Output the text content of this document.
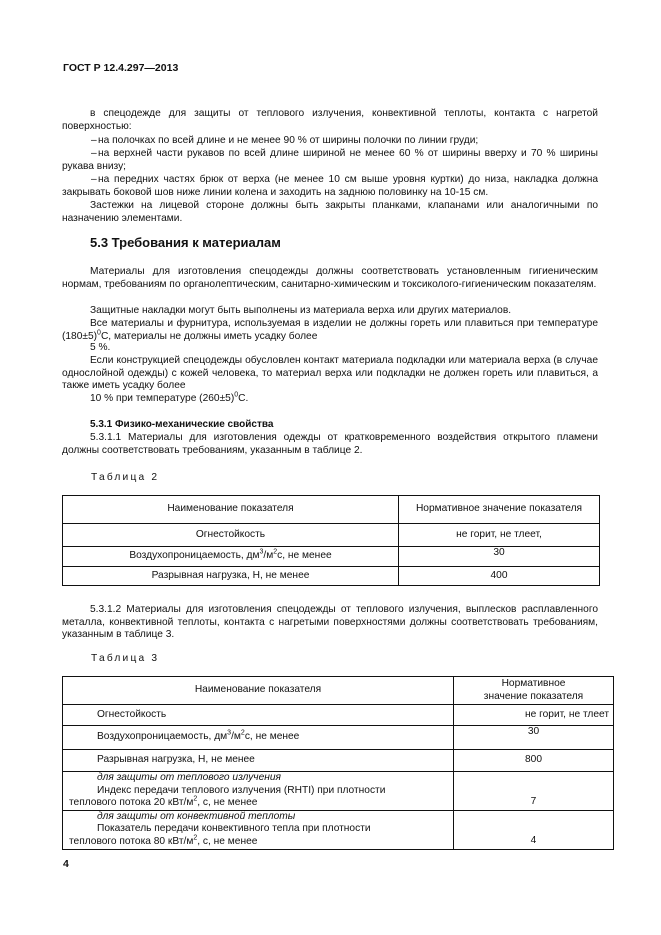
ГОСТ Р 12.4.297—2013
в спецодежде для защиты от теплового излучения, конвективной теплоты, контакта с нагретой поверхностью:
– на полочках по всей длине и не менее 90 % от ширины полочки по линии груди;
– на верхней части рукавов по всей длине шириной не менее 60 % от ширины вверху и 70 % ширины рукава внизу;
– на передних частях брюк от верха (не менее 10 см выше уровня куртки) до низа, накладка должна закрывать боковой шов ниже линии колена и заходить на заднюю половинку на 10-15 см.
Застежки на лицевой стороне должны быть закрыты планками, клапанами или аналогичными по назначению элементами.
5.3 Требования к материалам
Материалы для изготовления спецодежды должны соответствовать установленным гигиеническим нормам, требованиям по органолептическим, санитарно-химическим и токсиколого-гигиеническим показателям.
Защитные накладки могут быть выполнены из материала верха или других материалов.
Все материалы и фурнитура, используемая в изделии не должны гореть или плавиться при температуре $(180\pm 5)^0С$, материалы не должны иметь усадку более
5 %.
Если конструкцией спецодежды обусловлен контакт материала подкладки или материала верха (в случае однослойной одежды) с кожей человека, то материал верха или подкладки не должен гореть или плавиться, а также иметь усадку более
10 % при температуре $(260\pm 5)^0С$.
5.3.1 Физико-механические свойства
5.3.1.1 Материалы для изготовления одежды от кратковременного воздействия открытого пламени должны соответствовать требованиям, указанным в таблице 2.
Таблица 2
Наименование показателя	Нормативное значение показателя
Огнестойкость	не горит, не тлеет,
Воздухопроницаемость, $дм^3/м^2с$, не менее	30
Разрывная нагрузка, Н, не менее	400
5.3.1.2 Материалы для изготовления спецодежды от теплового излучения, выплесков расплавленного металла, конвективной теплоты, контакта с нагретыми поверхностями должны соответствовать требованиям, указанным в таблице 3.
Таблица 3
Наименование показателя	Нормативное
значение показателя

Огнестойкость	не горит, не тлеет
Воздухопроницаемость, $дм^3/м^2с$, не менее	30
Разрывная нагрузка, Н, не менее	800

для защиты от теплового излучения
Индекс передачи теплового излучения (RHTI) при плотности
теплового потока 20 кВт/$м^2$, с, не менее	7

для защиты от конвективной теплоты
Показатель передачи конвективного тепла при плотности
теплового потока 80 кВт/$м^2$, с, не менее	4
4
